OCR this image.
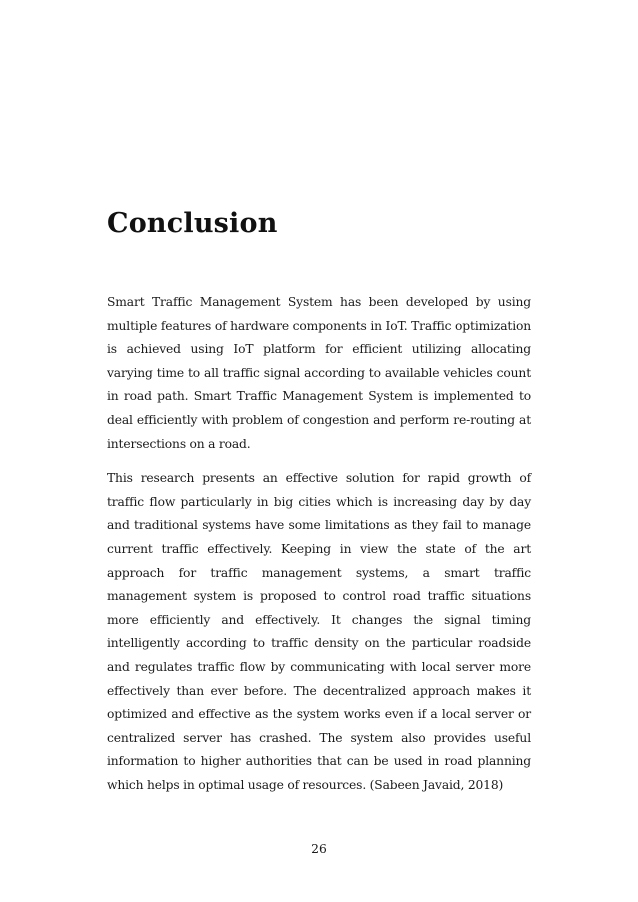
Conclusion

Smart Traffic Management System has been developed by using multiple features of hardware components in IoT. Traffic optimization is achieved using IoT platform for efficient utilizing allocating varying time to all traffic signal according to available vehicles count in road path. Smart Traffic Management System is implemented to deal efficiently with problem of congestion and perform re-routing at intersections on a road.

This research presents an effective solution for rapid growth of traffic flow particularly in big cities which is increasing day by day and traditional systems have some limitations as they fail to manage current traffic effectively. Keeping in view the state of the art approach for traffic management systems, a smart traffic management system is proposed to control road traffic situations more efficiently and effectively. It changes the signal timing intelligently according to traffic density on the particular roadside and regulates traffic flow by communicating with local server more effectively than ever before. The decentralized approach makes it optimized and effective as the system works even if a local server or centralized server has crashed. The system also provides useful information to higher authorities that can be used in road planning which helps in optimal usage of resources. (Sabeen Javaid, 2018)

26
